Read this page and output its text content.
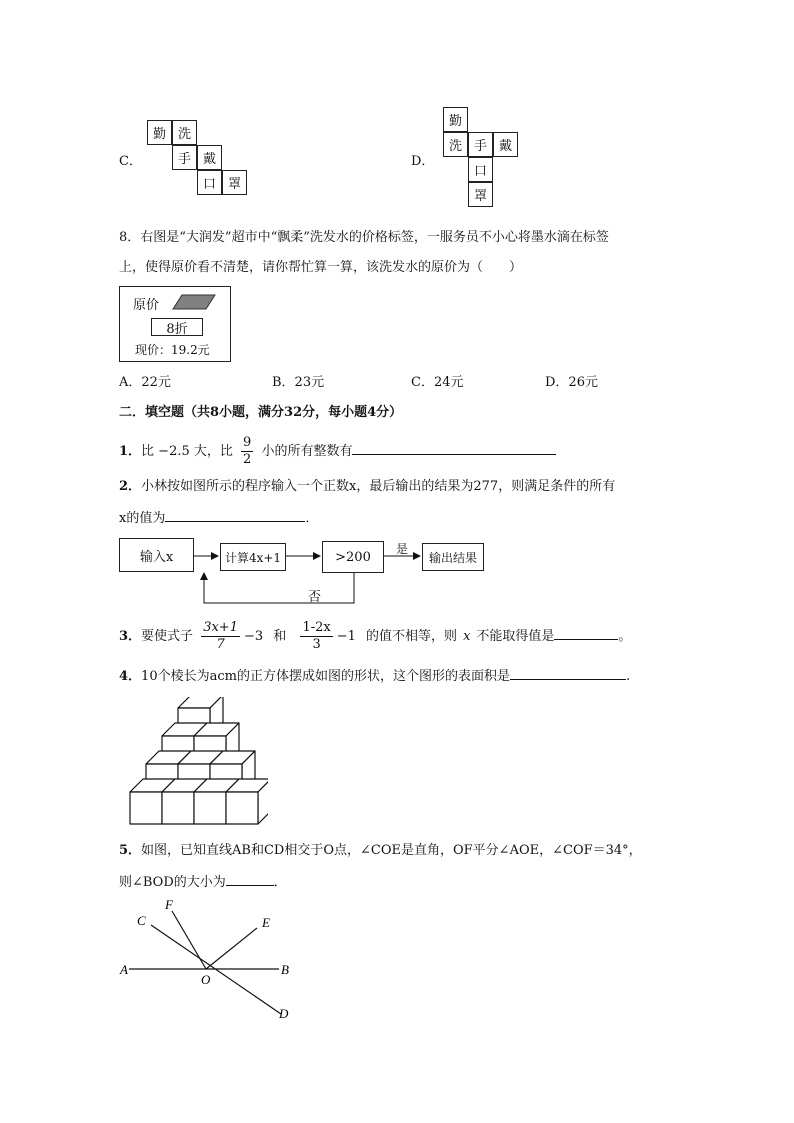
C．
勤 洗
手 戴
口 罩
D．
勤
洗 手 戴
口
罩
8．右图是“大润发”超市中“飘柔”洗发水的价格标签，一服务员不小心将墨水滴在标签
上，使得原价看不清楚，请你帮忙算一算，该洗发水的原价为（　　）
原价
8折
现价：19.2元
A．22元	B．23元	C．24元	D．26元
二．填空题（共8小题，满分32分，每小题4分）
1．比 −2.5 大，比 $\frac{9}{2}$ 小的所有整数有
2．小林按如图所示的程序输入一个正数x，最后输出的结果为277，则满足条件的所有
x的值为	．
输入x	计算4x+1	>200	输出结果
是
否
3．要使式子 $\frac{3x+1}{7} -3$ 和 $\frac{1-2x}{3} -1$ 的值不相等，则 x 不能取得值是	。
4．10个棱长为acm的正方体摆成如图的形状，这个图形的表面积是	.
5．如图，已知直线AB和CD相交于O点，∠COE是直角，OF平分∠AOE，∠COF＝34°，
则∠BOD的大小为	．
C
F
E
A
O
B
D
